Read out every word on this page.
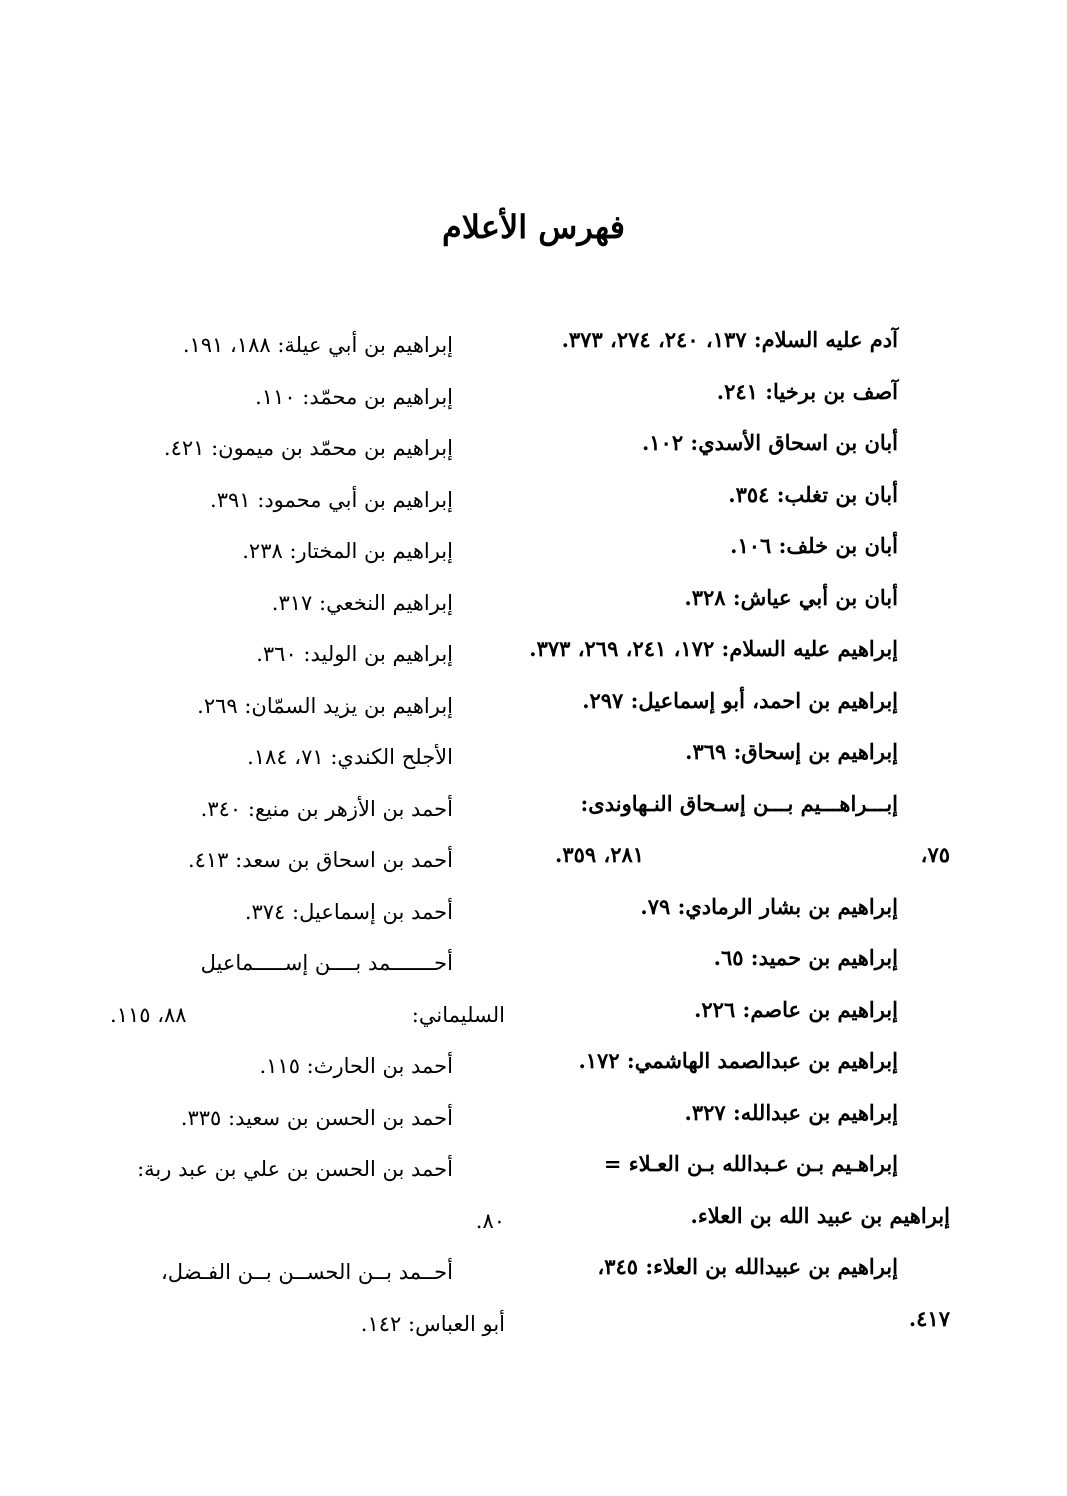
فهرس الأعلام
آدم عليه السلام: ١٣٧، ٢٤٠، ٢٧٤، ٣٧٣.
آصف بن برخيا: ٢٤١.
أبان بن اسحاق الأسدي: ١٠٢.
أبان بن تغلب: ٣٥٤.
أبان بن خلف: ١٠٦.
أبان بن أبي عياش: ٣٢٨.
إبراهيم عليه السلام: ١٧٢، ٢٤١، ٢٦٩، ٣٧٣.
إبراهيم بن احمد، أبو إسماعيل: ٢٩٧.
إبراهيم بن إسحاق: ٣٦٩.
إبـــراهـــيم بـــن إسـحاق النـهاوندى:
٧٥،
٢٨١، ٣٥٩.
إبراهيم بن بشار الرمادي: ٧٩.
إبراهيم بن حميد: ٦٥.
إبراهيم بن عاصم: ٢٢٦.
إبراهيم بن عبدالصمد الهاشمي: ١٧٢.
إبراهيم بن عبدالله: ٣٢٧.
إبراهـيم بـن عـبدالله بـن العـلاء =
إبراهيم بن عبيد الله بن العلاء.
إبراهيم بن عبيدالله بن العلاء: ٣٤٥،
٤١٧.
إبراهيم بن أبي عيلة: ١٨٨، ١٩١.
إبراهيم بن محمّد: ١١٠.
إبراهيم بن محمّد بن ميمون: ٤٢١.
إبراهيم بن أبي محمود: ٣٩١.
إبراهيم بن المختار: ٢٣٨.
إبراهيم النخعي: ٣١٧.
إبراهيم بن الوليد: ٣٦٠.
إبراهيم بن يزيد السمّان: ٢٦٩.
الأجلح الكندي: ٧١، ١٨٤.
أحمد بن الأزهر بن منيع: ٣٤٠.
أحمد بن اسحاق بن سعد: ٤١٣.
أحمد بن إسماعيل: ٣٧٤.
أحـــــــمد بــــن إســـــماعيل
السليماني:
٨٨، ١١٥.
أحمد بن الحارث: ١١٥.
أحمد بن الحسن بن سعيد: ٣٣٥.
أحمد بن الحسن بن علي بن عبد ربة:
٨٠.
أحــمد بــن الحســن بــن الفـضل،
أبو العباس: ١٤٢.
